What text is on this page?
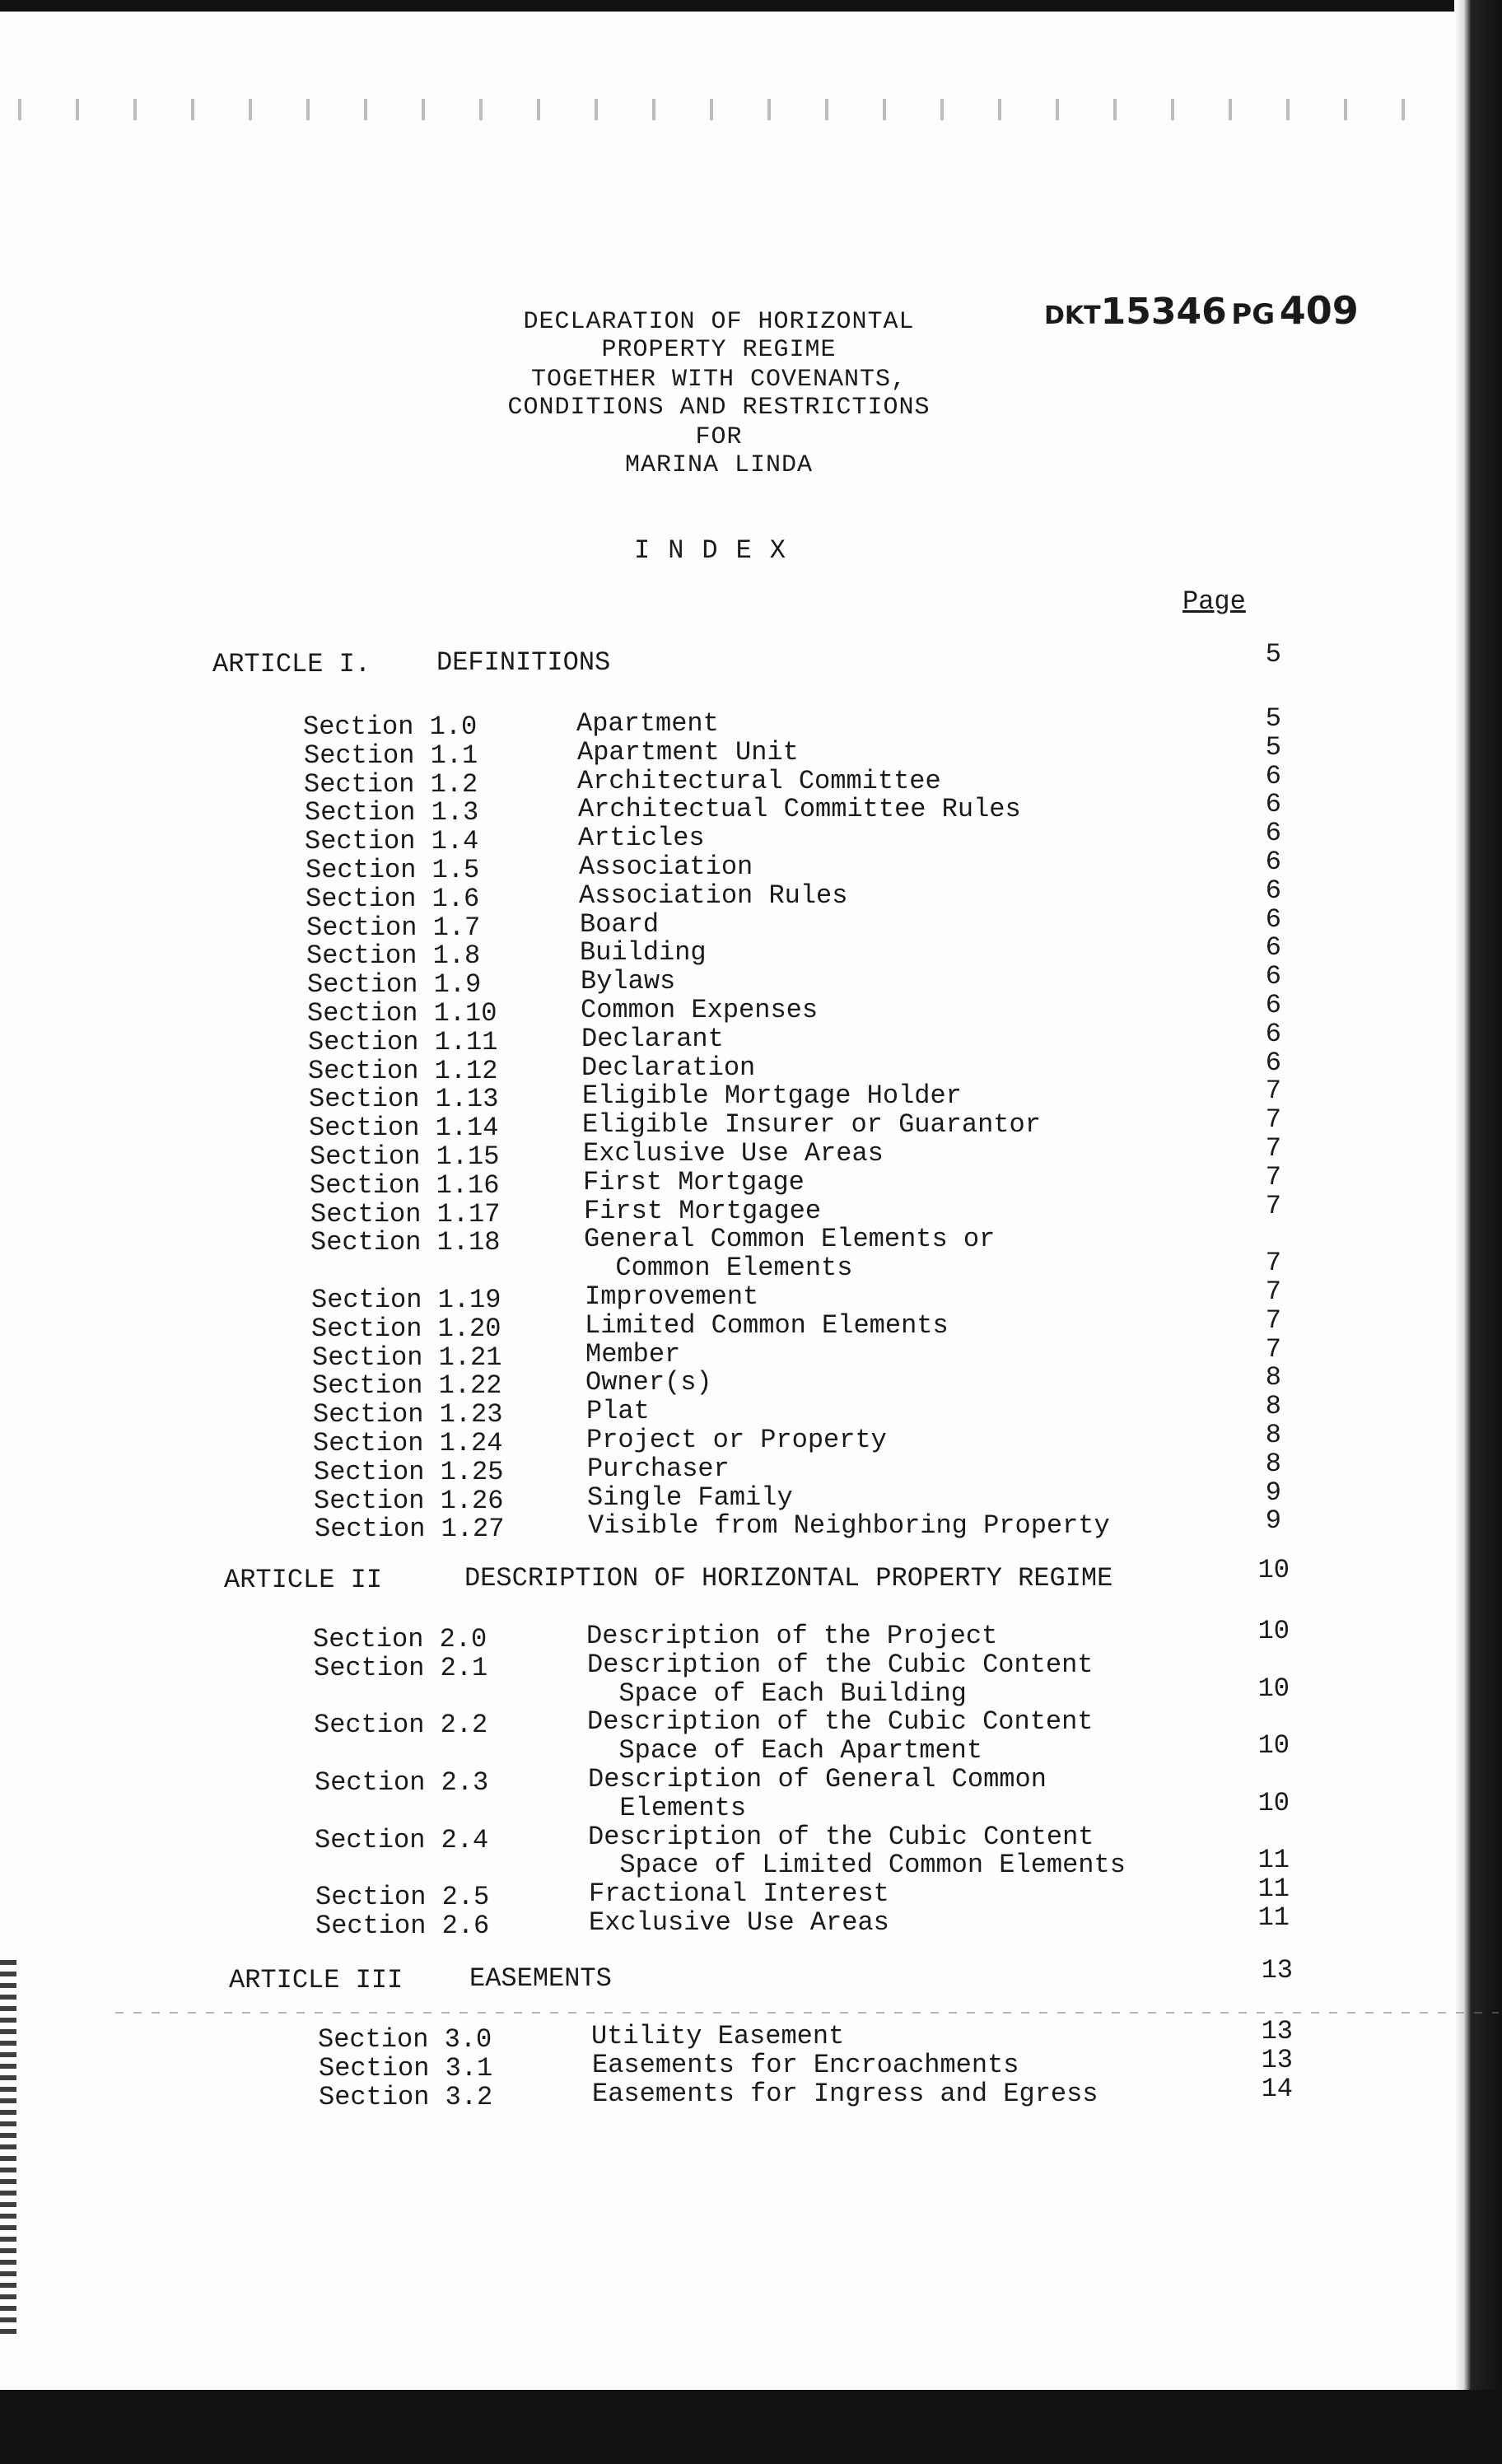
DKT15346 PG 409
DECLARATION OF HORIZONTAL
PROPERTY REGIME
TOGETHER WITH COVENANTS,
CONDITIONS AND RESTRICTIONS
FOR
MARINA LINDA
INDEX
Page
ARTICLE I. DEFINITIONS	5
Section 1.0	Apartment	5
Section 1.1	Apartment Unit	5
Section 1.2	Architectural Committee	6
Section 1.3	Architectual Committee Rules	6
Section 1.4	Articles	6
Section 1.5	Association	6
Section 1.6	Association Rules	6
Section 1.7	Board	6
Section 1.8	Building	6
Section 1.9	Bylaws	6
Section 1.10	Common Expenses	6
Section 1.11	Declarant	6
Section 1.12	Declaration	6
Section 1.13	Eligible Mortgage Holder	7
Section 1.14	Eligible Insurer or Guarantor	7
Section 1.15	Exclusive Use Areas	7
Section 1.16	First Mortgage	7
Section 1.17	First Mortgagee	7
Section 1.18	General Common Elements or
Common Elements	7
Section 1.19	Improvement	7
Section 1.20	Limited Common Elements	7
Section 1.21	Member	7
Section 1.22	Owner(s)	8
Section 1.23	Plat	8
Section 1.24	Project or Property	8
Section 1.25	Purchaser	8
Section 1.26	Single Family	9
Section 1.27	Visible from Neighboring Property	9
ARTICLE II	DESCRIPTION OF HORIZONTAL PROPERTY REGIME	10
Section 2.0	Description of the Project	10
Section 2.1	Description of the Cubic Content
Space of Each Building	10
Section 2.2	Description of the Cubic Content
Space of Each Apartment	10
Section 2.3	Description of General Common
Elements	10
Section 2.4	Description of the Cubic Content
Space of Limited Common Elements	11
Section 2.5	Fractional Interest	11
Section 2.6	Exclusive Use Areas	11
ARTICLE III	EASEMENTS	13
Section 3.0	Utility Easement	13
Section 3.1	Easements for Encroachments	13
Section 3.2	Easements for Ingress and Egress	14
